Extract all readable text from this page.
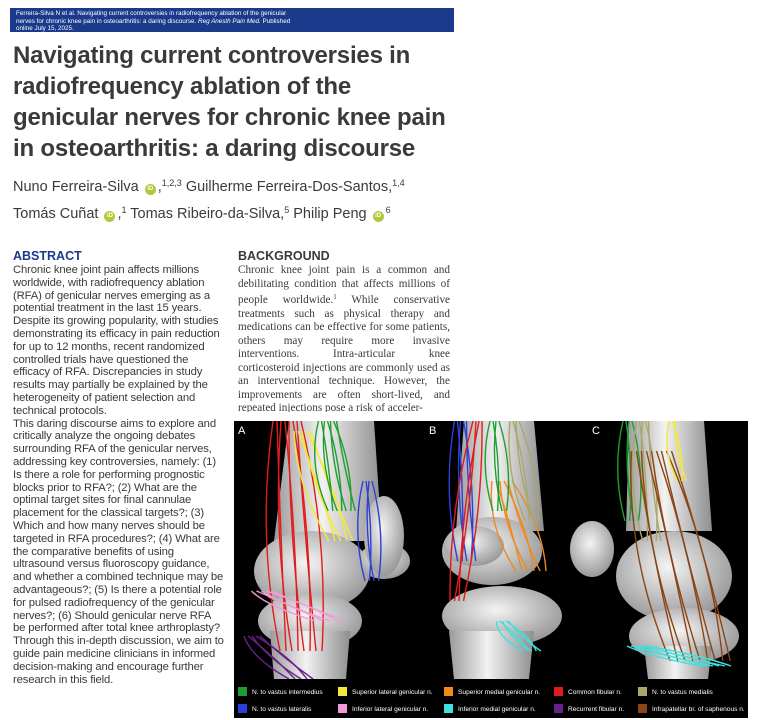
Ferreira-Silva N et al. Navigating current controversies in radiofrequency ablation of the genicular
nerves for chronic knee pain in osteoarthritis: a daring discourse. Reg Anesth Pain Med. Published
online July 15, 2025.
Navigating current controversies in radiofrequency ablation of the genicular nerves for chronic knee pain in osteoarthritis: a daring discourse
Nuno Ferreira-Silva iD ,$^{1,2,3}$ Guilherme Ferreira-Dos-Santos,$^{1,4}$
Tomás Cuñat iD ,$^1$ Tomas Ribeiro-da-Silva,$^5$ Philip Peng $iD^6$
ABSTRACT
Chronic knee joint pain affects millions worldwide, with radiofrequency ablation (RFA) of genicular nerves emerging as a potential treatment in the last 15 years. Despite its growing popularity, with studies demonstrating its efficacy in pain reduction for up to 12 months, recent randomized controlled trials have questioned the efficacy of RFA. Discrepancies in study results may partially be explained by the heterogeneity of patient selection and technical protocols.
This daring discourse aims to explore and critically analyze the ongoing debates surrounding RFA of the genicular nerves, addressing key controversies, namely: (1) Is there a role for performing prognostic blocks prior to RFA?; (2) What are the optimal target sites for final cannulae placement for the classical targets?; (3) Which and how many nerves should be targeted in RFA procedures?; (4) What are the comparative benefits of using ultrasound versus fluoroscopy guidance, and whether a combined technique may be advantageous?; (5) Is there a potential role for pulsed radiofrequency of the genicular nerves?; (6) Should genicular nerve RFA be performed after total knee arthroplasty? Through this in-depth discussion, we aim to guide pain medicine clinicians in informed decision-making and encourage further research in this field.
BACKGROUND
Chronic knee joint pain is a common and debilitating condition that affects millions of people worldwide.$^1$ While conservative treatments such as physical therapy and medications can be effective for some patients, others may require more invasive interventions. Intra-articular knee corticosteroid injections are commonly used as an interventional technique. However, the improvements are often short-lived, and repeated injections pose a risk of acceler-
A	B	C
N. to vastus intermedius	Superior lateral genicular n.	Superior medial genicular n.	Common fibular n.	N. to vastus medialis
N. to vastus lateralis	Inferior lateral genicular n.	Inferior medial genicular n.	Recurrent fibular n.	Infrapatellar br. of saphenous n.
